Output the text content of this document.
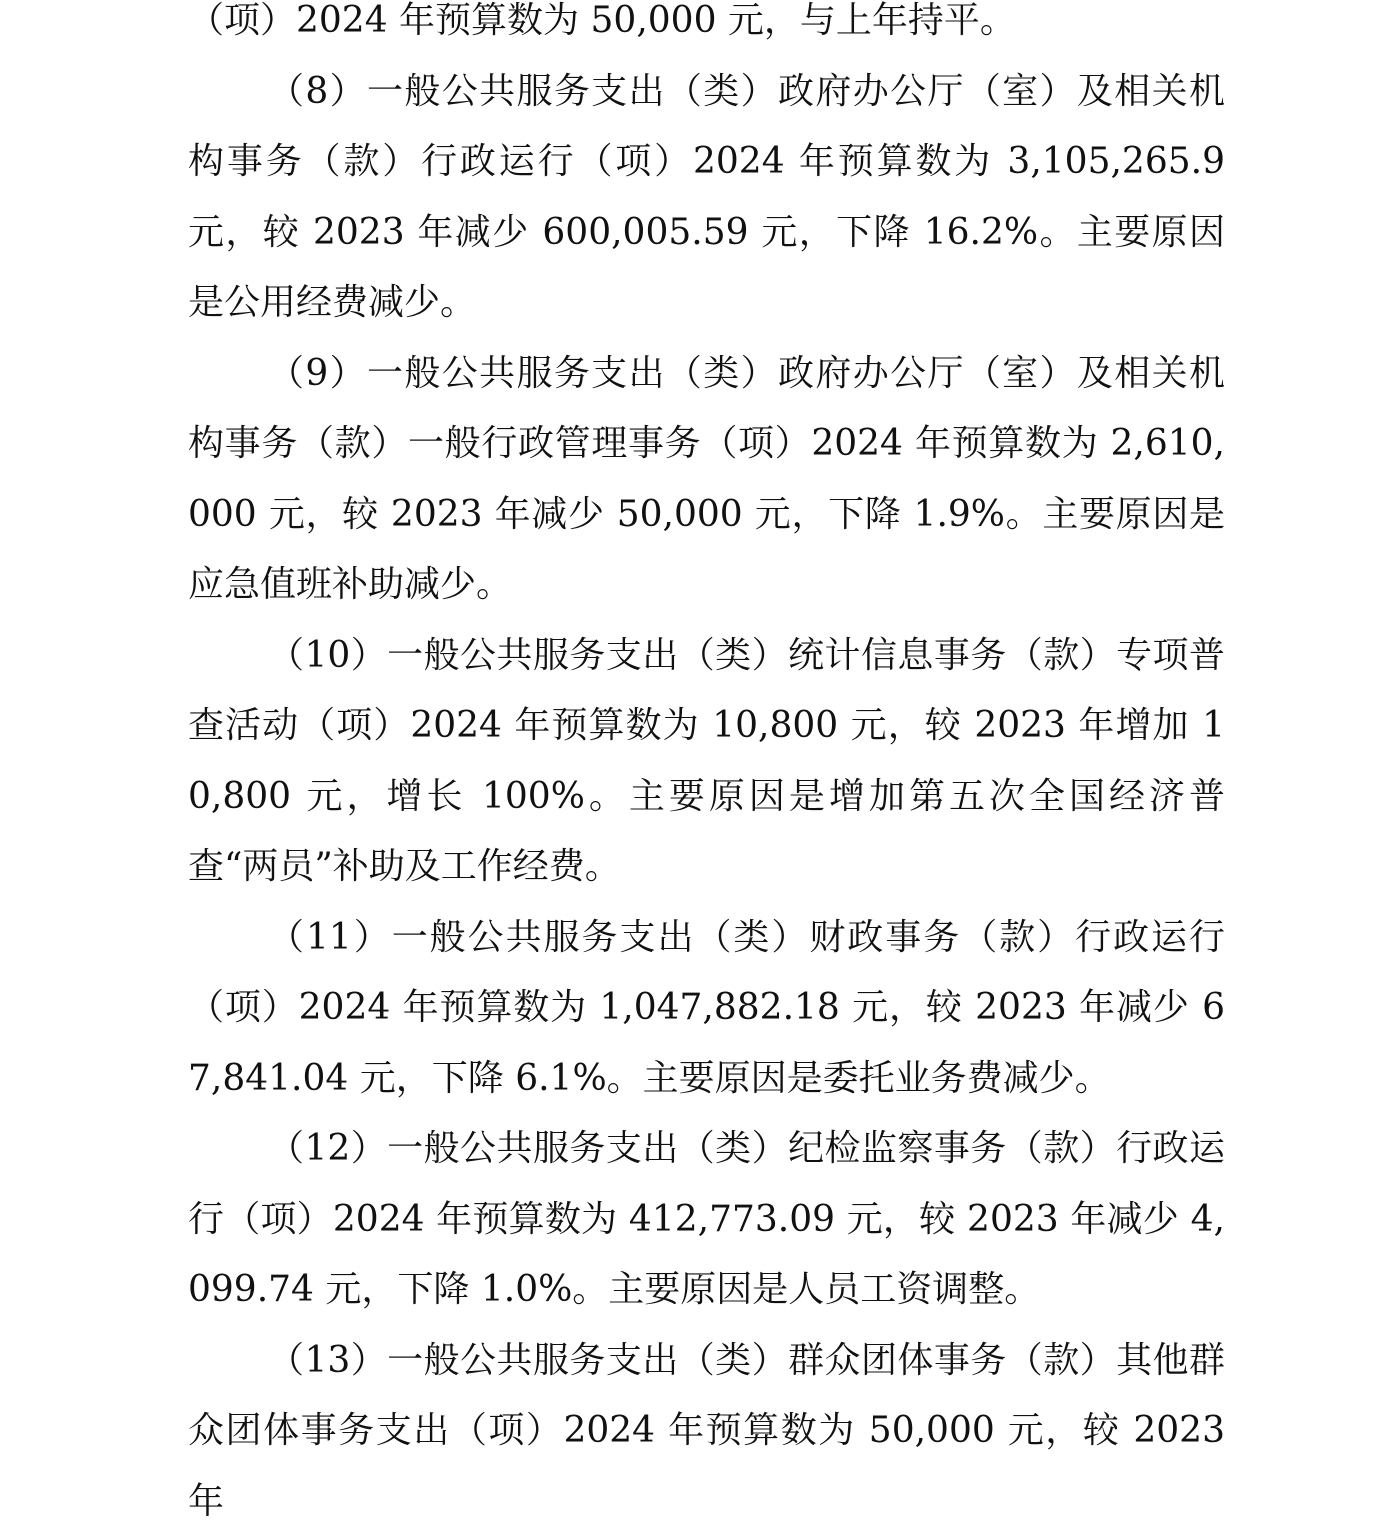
（项）2024 年预算数为 50,000 元，与上年持平。

（8）一般公共服务支出（类）政府办公厅（室）及相关机构事务（款）行政运行（项）2024 年预算数为 3,105,265.9 元，较 2023 年减少 600,005.59 元，下降 16.2%。主要原因是公用经费减少。

（9）一般公共服务支出（类）政府办公厅（室）及相关机构事务（款）一般行政管理事务（项）2024 年预算数为 2,610,000 元，较 2023 年减少 50,000 元，下降 1.9%。主要原因是应急值班补助减少。

（10）一般公共服务支出（类）统计信息事务（款）专项普查活动（项）2024 年预算数为 10,800 元，较 2023 年增加 10,800 元，增长 100%。主要原因是增加第五次全国经济普查“两员”补助及工作经费。

（11）一般公共服务支出（类）财政事务（款）行政运行（项）2024 年预算数为 1,047,882.18 元，较 2023 年减少 67,841.04 元，下降 6.1%。主要原因是委托业务费减少。

（12）一般公共服务支出（类）纪检监察事务（款）行政运行（项）2024 年预算数为 412,773.09 元，较 2023 年减少 4,099.74 元，下降 1.0%。主要原因是人员工资调整。

（13）一般公共服务支出（类）群众团体事务（款）其他群众团体事务支出（项）2024 年预算数为 50,000 元，较 2023 年
